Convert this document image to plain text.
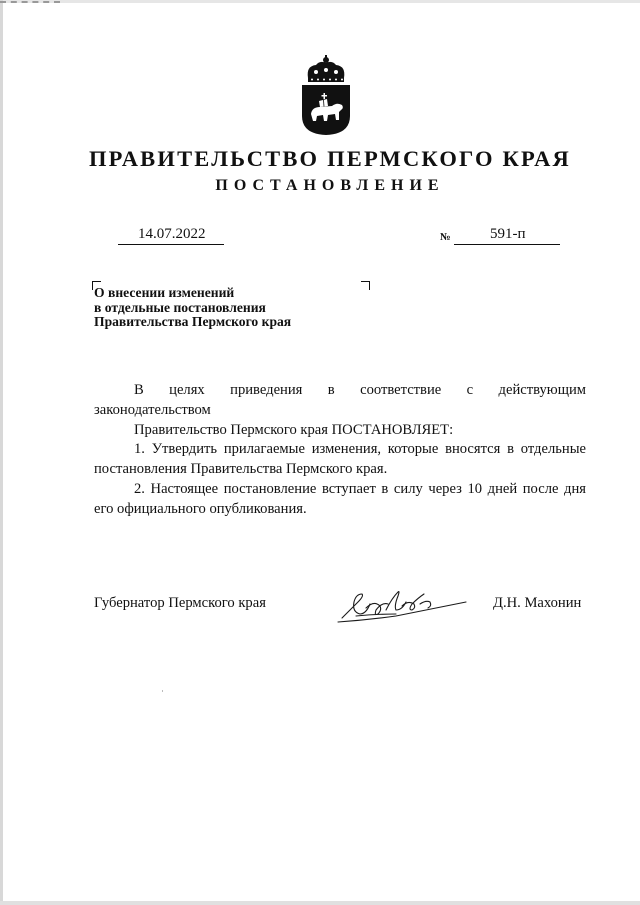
ПРАВИТЕЛЬСТВО ПЕРМСКОГО КРАЯ
ПОСТАНОВЛЕНИЕ
14.07.2022	№	591-п
О внесении изменений
в отдельные постановления
Правительства Пермского края

В целях приведения в соответствие с действующим

законодательством

Правительство Пермского края ПОСТАНОВЛЯЕТ:

1. Утвердить прилагаемые изменения, которые вносятся в отдельные

постановления Правительства Пермского края.

2. Настоящее постановление вступает в силу через 10 дней после дня

его официального опубликования.

Губернатор Пермского края	Д.Н. Махонин
